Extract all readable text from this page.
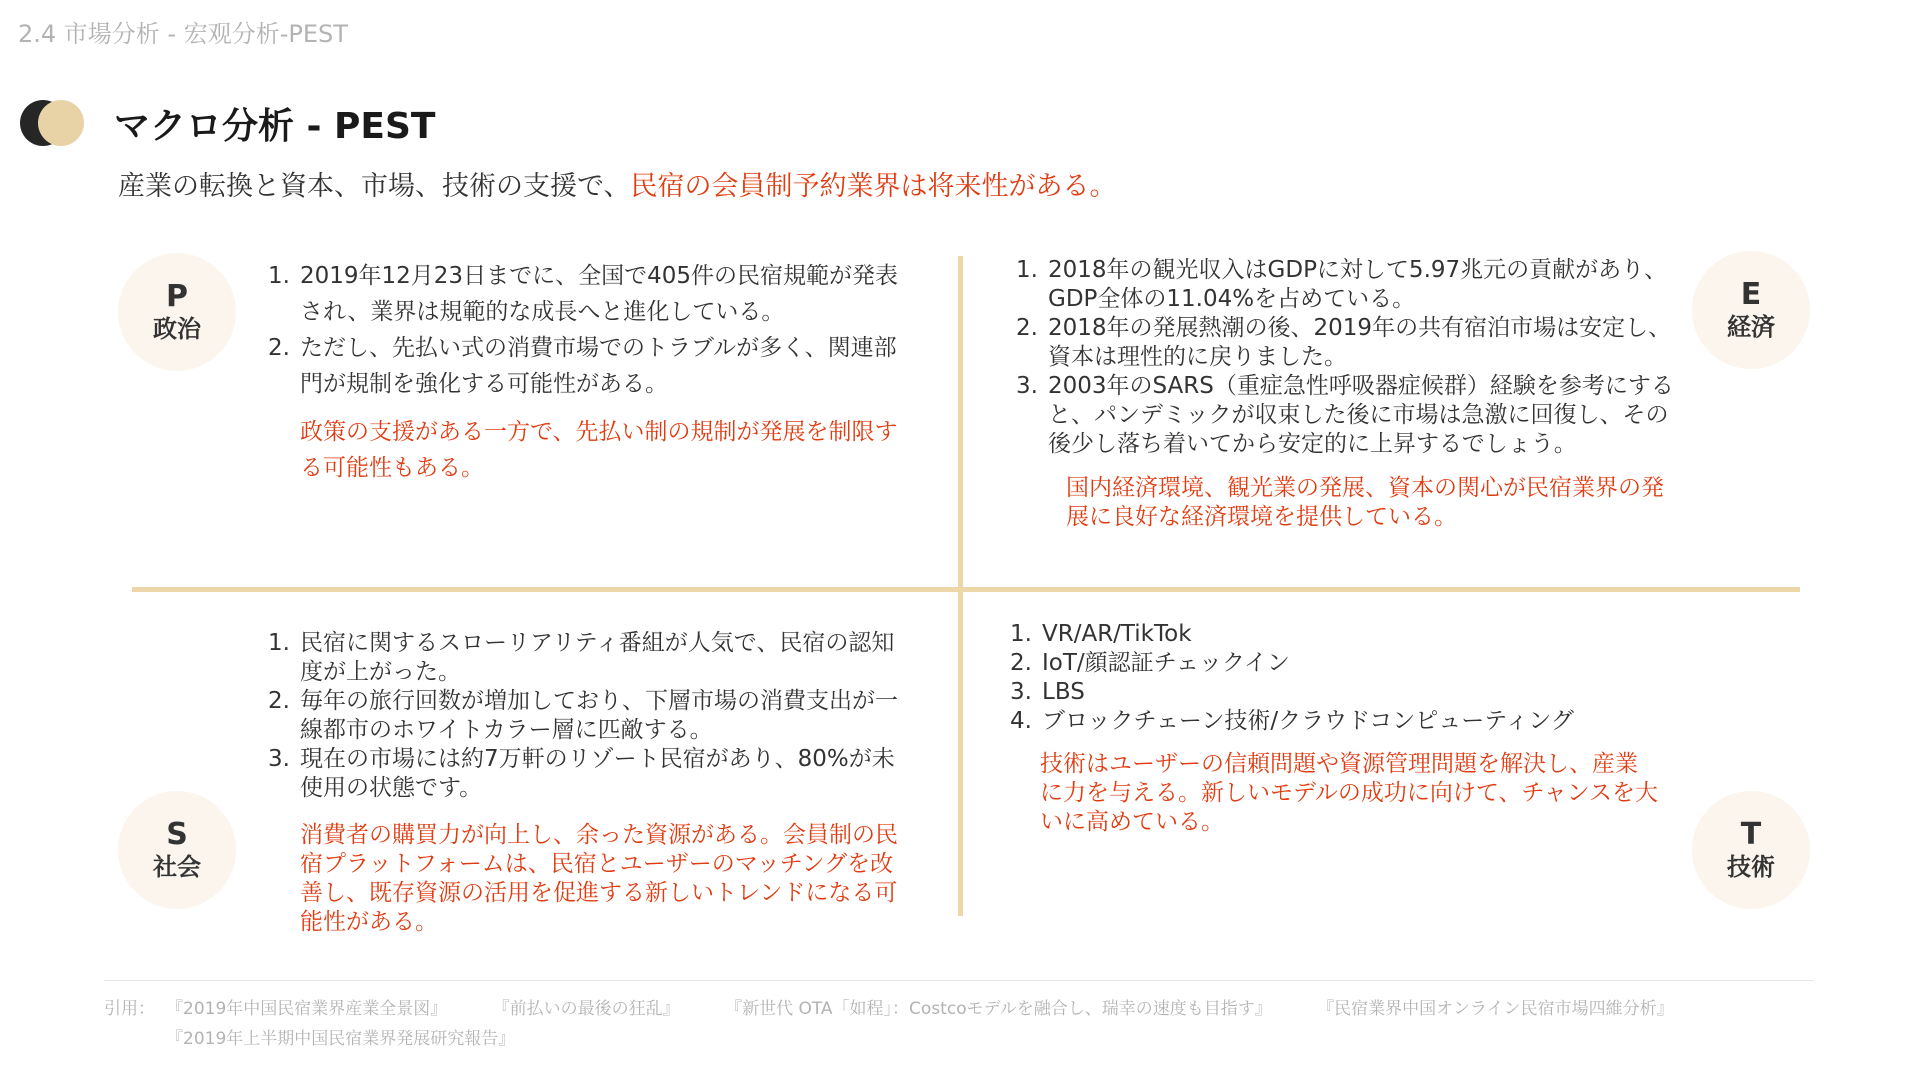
2.4 市場分析 - 宏观分析-PEST
マクロ分析 - PEST
産業の転換と資本、市場、技術の支援で、民宿の会員制予約業界は将来性がある。
P
政治
1. 2019年12月23日までに、全国で405件の民宿規範が発表され、業界は規範的な成長へと進化している。
2. ただし、先払い式の消費市場でのトラブルが多く、関連部門が規制を強化する可能性がある。
政策の支援がある一方で、先払い制の規制が発展を制限する可能性もある。
E
経済
1. 2018年の観光収入はGDPに対して5.97兆元の貢献があり、GDP全体の11.04%を占めている。
2. 2018年の発展熱潮の後、2019年の共有宿泊市場は安定し、資本は理性的に戻りました。
3. 2003年のSARS（重症急性呼吸器症候群）経験を参考にすると、パンデミックが収束した後に市場は急激に回復し、その後少し落ち着いてから安定的に上昇するでしょう。
国内経済環境、観光業の発展、資本の関心が民宿業界の発展に良好な経済環境を提供している。
S
社会
1. 民宿に関するスローリアリティ番組が人気で、民宿の認知度が上がった。
2. 毎年の旅行回数が増加しており、下層市場の消費支出が一線都市のホワイトカラー層に匹敵する。
3. 現在の市場には約7万軒のリゾート民宿があり、80%が未使用の状態です。
消費者の購買力が向上し、余った資源がある。会員制の民宿プラットフォームは、民宿とユーザーのマッチングを改善し、既存資源の活用を促進する新しいトレンドになる可能性がある。
T
技術
1. VR/AR/TikTok
2. IoT/顔認証チェックイン
3. LBS
4. ブロックチェーン技術/クラウドコンピューティング
技術はユーザーの信頼問題や資源管理問題を解決し、産業に力を与える。新しいモデルの成功に向けて、チャンスを大いに高めている。
引用： 『2019年中国民宿業界産業全景図』	『前払いの最後の狂乱』	『新世代 OTA「如程」：Costcoモデルを融合し、瑞幸の速度も目指す』	『民宿業界中国オンライン民宿市場四維分析』 『2019年上半期中国民宿業界発展研究報告』
